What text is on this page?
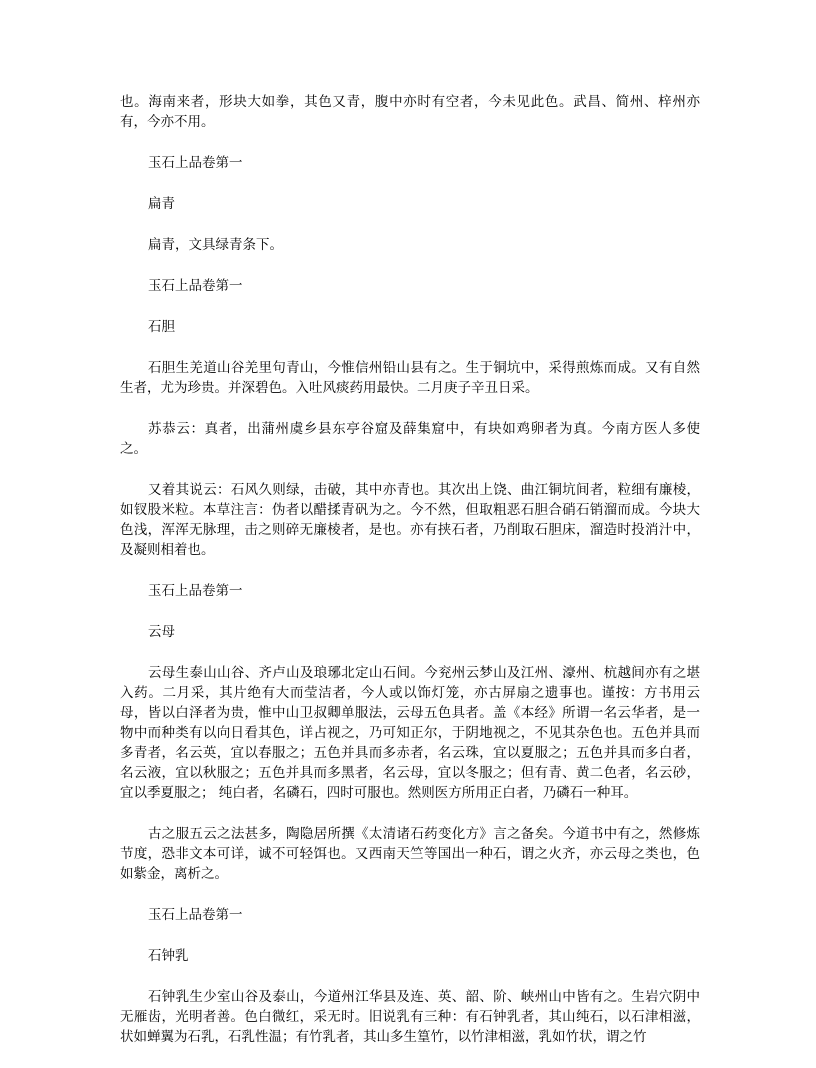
也。海南来者，形块大如拳，其色又青，腹中亦时有空者，今未见此色。武昌、简州、梓州亦有，今亦不用。

玉石上品卷第一

扁青

扁青，文具绿青条下。

玉石上品卷第一

石胆

石胆生羌道山谷羌里句青山，今惟信州铅山县有之。生于铜坑中，采得煎炼而成。又有自然生者，尤为珍贵。并深碧色。入吐风痰药用最快。二月庚子辛丑日采。

苏恭云：真者，出蒲州虞乡县东亭谷窟及薛集窟中，有块如鸡卵者为真。今南方医人多使之。

又着其说云：石风久则绿，击破，其中亦青也。其次出上饶、曲江铜坑间者，粒细有廉棱，如钗股米粒。本草注言：伪者以醋揉青矾为之。今不然，但取粗恶石胆合硝石销溜而成。今块大色浅，浑浑无脉理，击之则碎无廉棱者，是也。亦有挟石者，乃削取石胆床，溜造时投消汁中，及凝则相着也。

玉石上品卷第一

云母

云母生泰山山谷、齐卢山及琅琊北定山石间。今兖州云梦山及江州、濠州、杭越间亦有之堪入药。二月采，其片绝有大而莹洁者，今人或以饰灯笼，亦古屏扇之遗事也。谨按：方书用云母，皆以白泽者为贵，惟中山卫叔卿单服法，云母五色具者。盖《本经》所谓一名云华者，是一物中而种类有以向日看其色，详占视之，乃可知正尔，于阴地视之，不见其杂色也。五色并具而多青者，名云英，宜以春服之；五色并具而多赤者，名云珠，宜以夏服之；五色并具而多白者，名云液，宜以秋服之；五色并具而多黑者，名云母，宜以冬服之；但有青、黄二色者，名云砂，宜以季夏服之； 纯白者，名磷石，四时可服也。然则医方所用正白者，乃磷石一种耳。

古之服五云之法甚多，陶隐居所撰《太清诸石药变化方》言之备矣。今道书中有之，然修炼节度，恐非文本可详，诚不可轻饵也。又西南天竺等国出一种石，谓之火齐，亦云母之类也，色如紫金，离析之。

玉石上品卷第一

石钟乳

石钟乳生少室山谷及泰山，今道州江华县及连、英、韶、阶、峡州山中皆有之。生岩穴阴中无雁齿，光明者善。色白微红，采无时。旧说乳有三种：有石钟乳者，其山纯石，以石津相滋，状如蝉翼为石乳，石乳性温；有竹乳者，其山多生篁竹，以竹津相滋，乳如竹状，谓之竹
